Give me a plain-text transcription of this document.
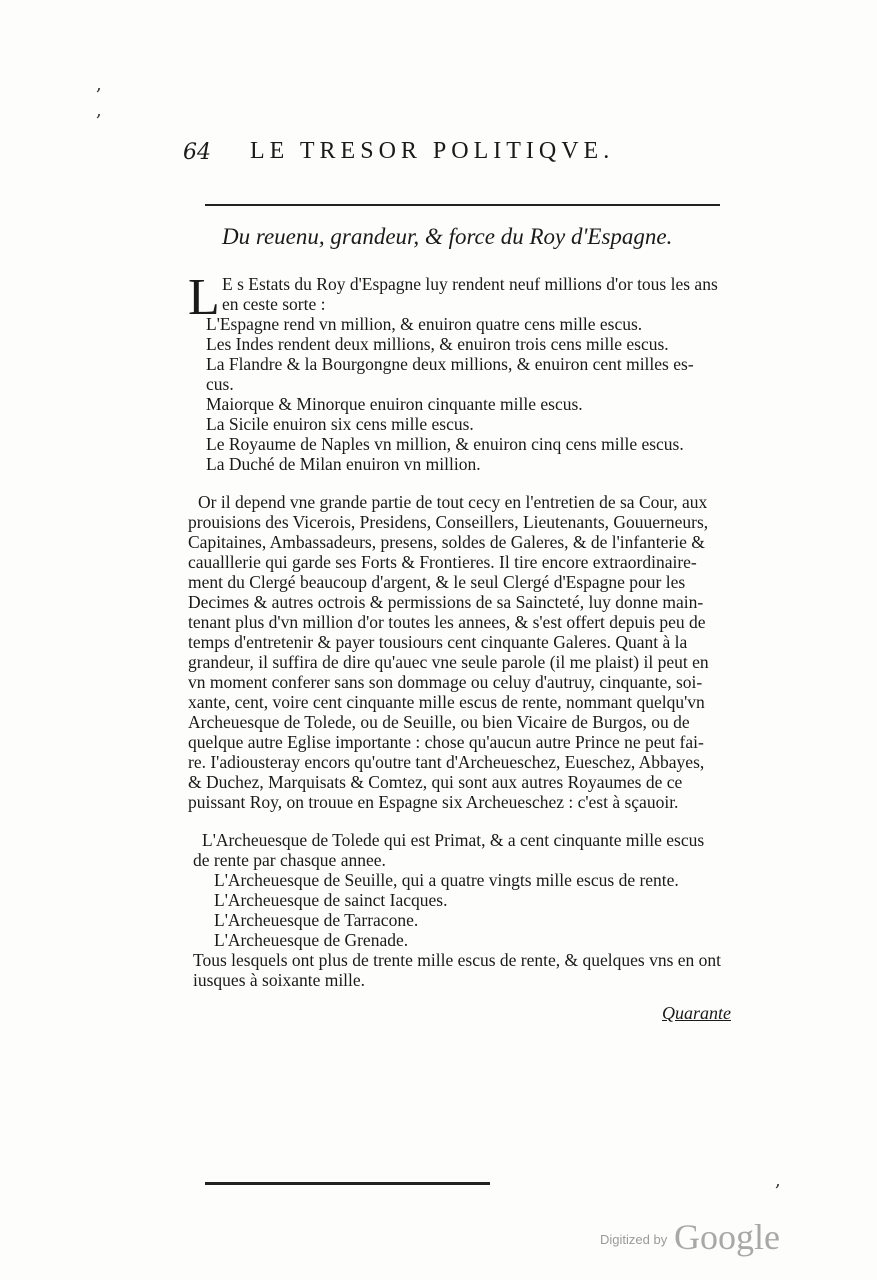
64 LE TRESOR POLITIQVE.
Du reuenu, grandeur, & force du Roy d'Espagne.
L E s Estats du Roy d'Espagne luy rendent neuf millions d'or tous les ans
en ceste sorte :
L'Espagne rend vn million, & enuiron quatre cens mille escus.
Les Indes rendent deux millions, & enuiron trois cens mille escus.
La Flandre & la Bourgongne deux millions, & enuiron cent milles es-
cus.
Maiorque & Minorque enuiron cinquante mille escus.
La Sicile enuiron six cens mille escus.
Le Royaume de Naples vn million, & enuiron cinq cens mille escus.
La Duché de Milan enuiron vn million.
Or il depend vne grande partie de tout cecy en l'entretien de sa Cour, aux
prouisions des Vicerois, Presidens, Conseillers, Lieutenants, Gouuerneurs,
Capitaines, Ambassadeurs, presens, soldes de Galeres, & de l'infanterie &
caualllerie qui garde ses Forts & Frontieres. Il tire encore extraordinaire-
ment du Clergé beaucoup d'argent, & le seul Clergé d'Espagne pour les
Decimes & autres octrois & permissions de sa Sainctеté, luy donne main-
tenant plus d'vn million d'or toutes les annees, & s'est offert depuis peu de
temps d'entretenir & payer tousiours cent cinquante Galeres. Quant à la
grandeur, il suffira de dire qu'auec vne seule parole (il me plaist) il peut en
vn moment conferer sans son dommage ou celuy d'autruy, cinquante, soi-
xante, cent, voire cent cinquante mille escus de rente, nommant quelqu'vn
Archeuesque de Tolede, ou de Seuille, ou bien Vicaire de Burgos, ou de
quelque autre Eglise importante : chose qu'aucun autre Prince ne peut fai-
re. I'adiousteray encors qu'outre tant d'Archeueschez, Eueschez, Abbayes,
& Duchez, Marquisats & Comtez, qui sont aux autres Royaumes de ce
puissant Roy, on trouue en Espagne six Archeueschez : c'est à sçauoir.
L'Archeuesque de Tolede qui est Primat, & a cent cinquante mille escus
de rente par chasque annee.
L'Archeuesque de Seuille, qui a quatre vingts mille escus de rente.
L'Archeuesque de sainct Iacques.
L'Archeuesque de Tarracone.
L'Archeuesque de Grenade.
Tous lesquels ont plus de trente mille escus de rente, & quelques vns en ont
iusques à soixante mille.
Quarante
,
,
,
Digitized by Google
